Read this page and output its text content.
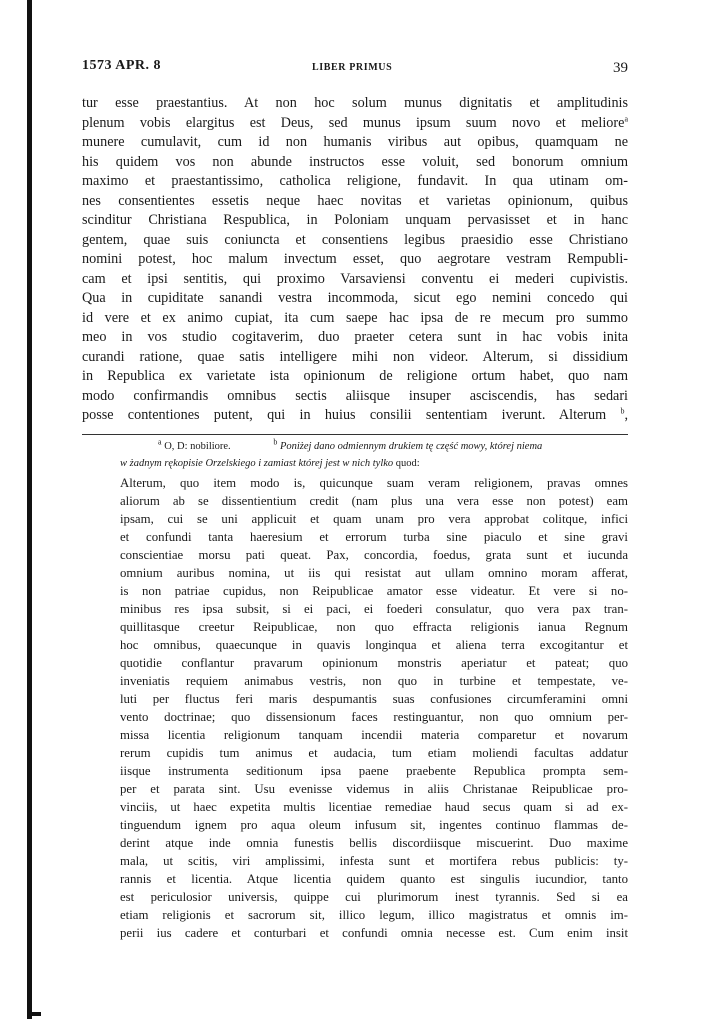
1573 APR. 8	LIBER PRIMUS	39
tur esse praestantius. At non hoc solum munus dignitatis et amplitudinis
plenum vobis elargitus est Deus, sed munus ipsum suum novo et meliore$^a$
munere cumulavit, cum id non humanis viribus aut opibus, quamquam ne
his quidem vos non abunde instructos esse voluit, sed bonorum omnium
maximo et praestantissimo, catholica religione, fundavit. In qua utinam om-
nes consentientes essetis neque haec novitas et varietas opinionum, quibus
scinditur Christiana Respublica, in Poloniam unquam pervasisset et in hanc
gentem, quae suis coniuncta et consentiens legibus praesidio esse Christiano
nomini potest, hoc malum invectum esset, quo aegrotare vestram Rempubli-
cam et ipsi sentitis, qui proximo Varsaviensi conventu ei mederi cupivistis.
Qua in cupiditate sanandi vestra incommoda, sicut ego nemini concedo qui
id vere et ex animo cupiat, ita cum saepe hac ipsa de re mecum pro summo
meo in vos studio cogitaverim, duo praeter cetera sunt in hac vobis inita
curandi ratione, quae satis intelligere mihi non videor. Alterum, si dissidium
in Republica ex varietate ista opinionum de religione ortum habet, quo nam
modo confirmandis omnibus sectis aliisque insuper asciscendis, has sedari
posse contentiones putent, qui in huius consilii sententiam iverunt. Alterum $^b$,
$^a$ O, D: nobiliore.	$^b$ Poniżej dano odmiennym drukiem tę część mowy, której niema
w żadnym rękopisie Orzelskiego i zamiast której jest w nich tylko quod:
Alterum, quo item modo is, quicunque suam veram religionem, pravas omnes
aliorum ab se dissentientium credit (nam plus una vera esse non potest) eam
ipsam, cui se uni applicuit et quam unam pro vera approbat colitque, infici
et confundi tanta haeresium et errorum turba sine piaculo et sine gravi
conscientiae morsu pati queat. Pax, concordia, foedus, grata sunt et iucunda
omnium auribus nomina, ut iis qui resistat aut ullam omnino moram afferat,
is non patriae cupidus, non Reipublicae amator esse videatur. Et vere si no-
minibus res ipsa subsit, si ei paci, ei foederi consulatur, quo vera pax tran-
quillitasque creetur Reipublicae, non quo effracta religionis ianua Regnum
hoc omnibus, quaecunque in quavis longinqua et aliena terra excogitantur et
quotidie conflantur pravarum opinionum monstris aperiatur et pateat; quo
inveniatis requiem animabus vestris, non quo in turbine et tempestate, ve-
luti per fluctus feri maris despumantis suas confusiones circumferamini omni
vento doctrinae; quo dissensionum faces restinguantur, non quo omnium per-
missa licentia religionum tanquam incendii materia comparetur et novarum
rerum cupidis tum animus et audacia, tum etiam moliendi facultas addatur
iisque instrumenta seditionum ipsa paene praebente Republica prompta sem-
per et parata sint. Usu evenisse videmus in aliis Christanae Reipublicae pro-
vinciis, ut haec expetita multis licentiae remediae haud secus quam si ad ex-
tinguendum ignem pro aqua oleum infusum sit, ingentes continuo flammas de-
derint atque inde omnia funestis bellis discordiisque miscuerint. Duo maxime
mala, ut scitis, viri amplissimi, infesta sunt et mortifera rebus publicis: ty-
rannis et licentia. Atque licentia quidem quanto est singulis iucundior, tanto
est periculosior universis, quippe cui plurimorum inest tyrannis. Sed si ea
etiam religionis et sacrorum sit, illico legum, illico magistratus et omnis im-
perii ius cadere et conturbari et confundi omnia necesse est. Cum enim insit
